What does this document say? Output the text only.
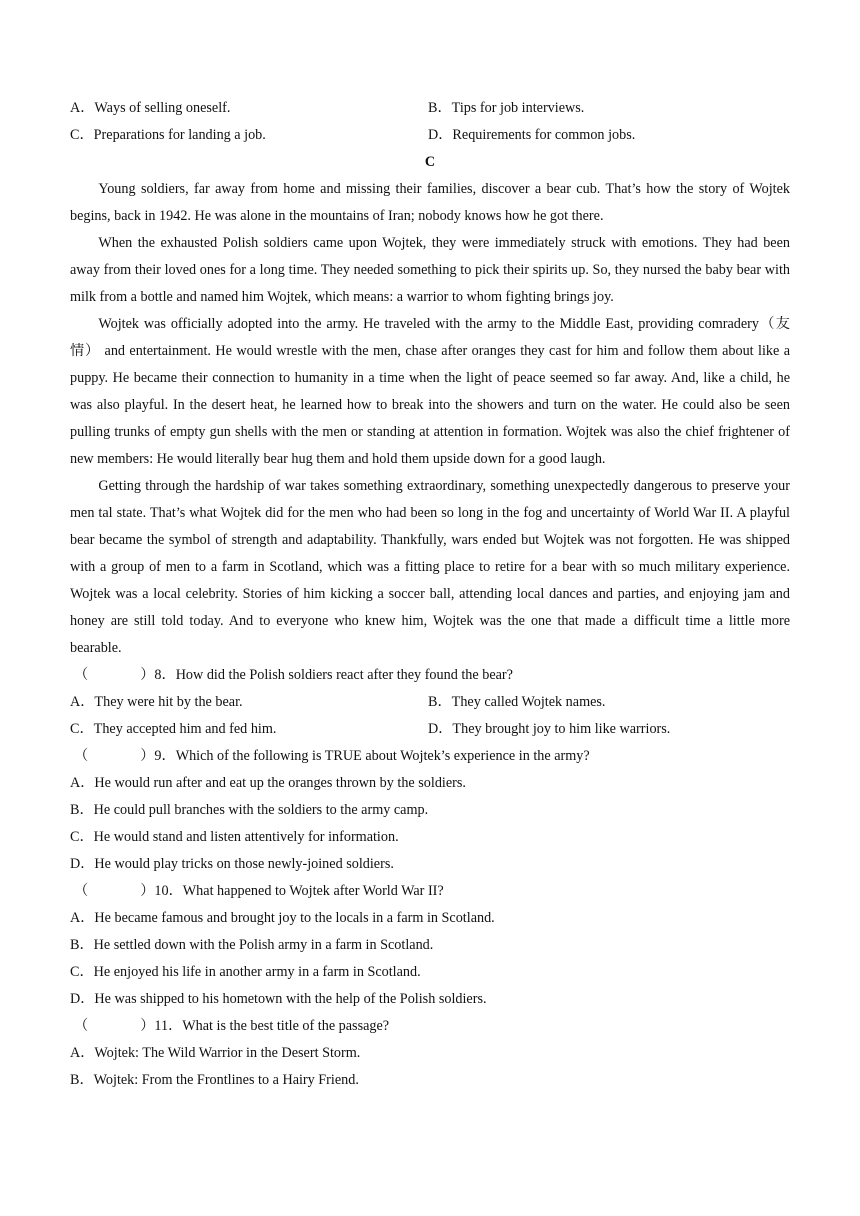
A．Ways of selling oneself.	B．Tips for job interviews.
C．Preparations for landing a job.	D．Requirements for common jobs.
C

Young soldiers, far away from home and missing their families, discover a bear cub. That’s how the story of Wojtek begins, back in 1942. He was alone in the mountains of Iran; nobody knows how he got there.

When the exhausted Polish soldiers came upon Wojtek, they were immediately struck with emotions. They had been away from their loved ones for a long time. They needed something to pick their spirits up. So, they nursed the baby bear with milk from a bottle and named him Wojtek, which means: a warrior to whom fighting brings joy.

Wojtek was officially adopted into the army. He traveled with the army to the Middle East, providing comradery（友情） and entertainment. He would wrestle with the men, chase after oranges they cast for him and follow them about like a puppy. He became their connection to humanity in a time when the light of peace seemed so far away. And, like a child, he was also playful. In the desert heat, he learned how to break into the showers and turn on the water. He could also be seen pulling trunks of empty gun shells with the men or standing at attention in formation. Wojtek was also the chief frightener of new members: He would literally bear hug them and hold them upside down for a good laugh.

Getting through the hardship of war takes something extraordinary, something unexpectedly dangerous to preserve your men tal state. That’s what Wojtek did for the men who had been so long in the fog and uncertainty of World War II. A playful bear became the symbol of strength and adaptability. Thankfully, wars ended but Wojtek was not forgotten. He was shipped with a group of men to a farm in Scotland, which was a fitting place to retire for a bear with so much military experience. Wojtek was a local celebrity. Stories of him kicking a soccer ball, attending local dances and parties, and enjoying jam and honey are still told today. And to everyone who knew him, Wojtek was the one that made a difficult time a little more bearable.

（	）8．How did the Polish soldiers react after they found the bear?
A．They were hit by the bear.	B．They called Wojtek names.
C．They accepted him and fed him.	D．They brought joy to him like warriors.
（	）9．Which of the following is TRUE about Wojtek’s experience in the army?
A．He would run after and eat up the oranges thrown by the soldiers.
B．He could pull branches with the soldiers to the army camp.
C．He would stand and listen attentively for information.
D．He would play tricks on those newly-joined soldiers.
（	）10．What happened to Wojtek after World War II?
A．He became famous and brought joy to the locals in a farm in Scotland.
B．He settled down with the Polish army in a farm in Scotland.
C．He enjoyed his life in another army in a farm in Scotland.
D．He was shipped to his hometown with the help of the Polish soldiers.
（	）11．What is the best title of the passage?
A．Wojtek: The Wild Warrior in the Desert Storm.
B．Wojtek: From the Frontlines to a Hairy Friend.
